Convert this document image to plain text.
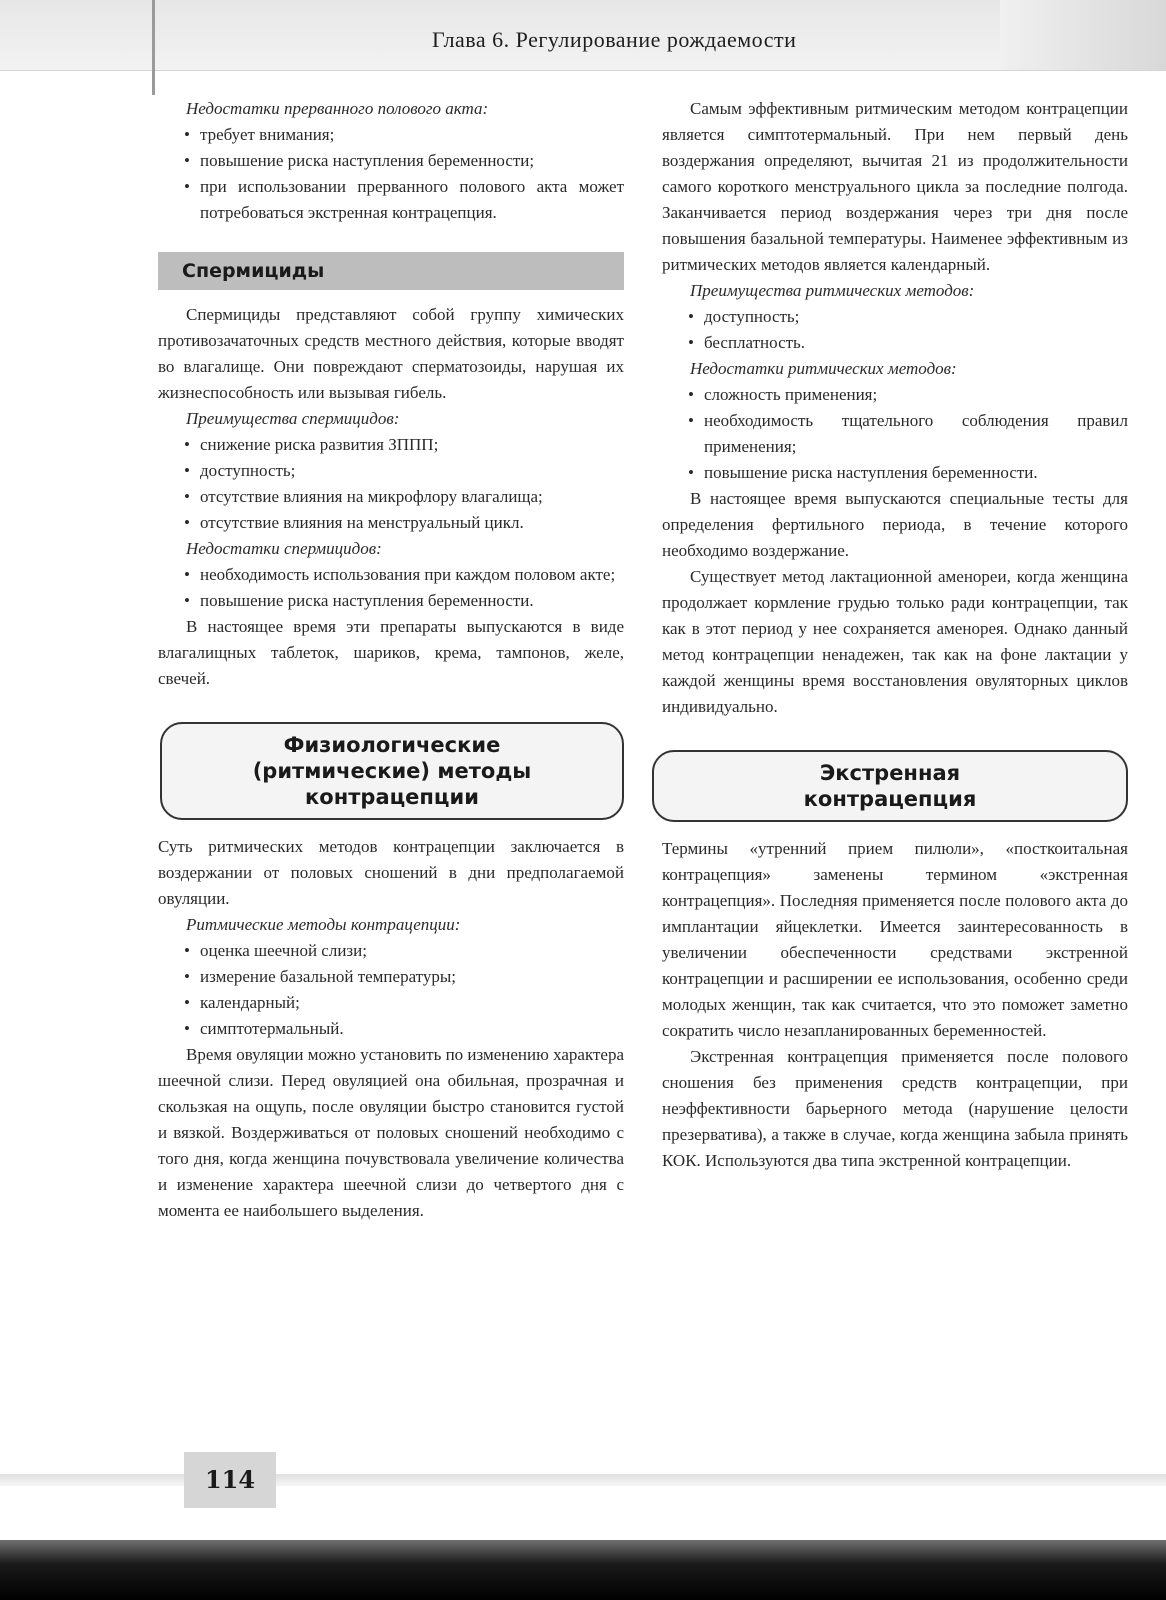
Глава 6. Регулирование рождаемости
Недостатки прерванного полового акта:
• требует внимания;
• повышение риска наступления беременности;
• при использовании прерванного полового акта может потребоваться экстренная контрацепция.
Спермициды

Спермициды представляют собой группу химических противозачаточных средств местного действия, которые вводят во влагалище. Они повреждают сперматозоиды, нарушая их жизнеспособность или вызывая гибель.

Преимущества спермицидов:
• снижение риска развития ЗППП;
• доступность;
• отсутствие влияния на микрофлору влагалища;
• отсутствие влияния на менструальный цикл.
Недостатки спермицидов:
• необходимость использования при каждом половом акте;
• повышение риска наступления беременности.

В настоящее время эти препараты выпускаются в виде влагалищных таблеток, шариков, крема, тампонов, желе, свечей.

Физиологические
(ритмические) методы
контрацепции

Суть ритмических методов контрацепции заключается в воздержании от половых сношений в дни предполагаемой овуляции.

Ритмические методы контрацепции:
• оценка шеечной слизи;
• измерение базальной температуры;
• календарный;
• симптотермальный.

Время овуляции можно установить по изменению характера шеечной слизи. Перед овуляцией она обильная, прозрачная и скользкая на ощупь, после овуляции быстро становится густой и вязкой. Воздерживаться от половых сношений необходимо с того дня, когда женщина почувствовала увеличение количества и изменение характера шеечной слизи до четвертого дня с момента ее наибольшего выделения.

Самым эффективным ритмическим методом контрацепции является симптотермальный. При нем первый день воздержания определяют, вычитая 21 из продолжительности самого короткого менструального цикла за последние полгода. Заканчивается период воздержания через три дня после повышения базальной температуры. Наименее эффективным из ритмических методов является календарный.

Преимущества ритмических методов:
• доступность;
• бесплатность.
Недостатки ритмических методов:
• сложность применения;
• необходимость тщательного соблюдения правил применения;
• повышение риска наступления беременности.

В настоящее время выпускаются специальные тесты для определения фертильного периода, в течение которого необходимо воздержание.

Существует метод лактационной аменореи, когда женщина продолжает кормление грудью только ради контрацепции, так как в этот период у нее сохраняется аменорея. Однако данный метод контрацепции ненадежен, так как на фоне лактации у каждой женщины время восстановления овуляторных циклов индивидуально.

Экстренная
контрацепция

Термины «утренний прием пилюли», «посткоитальная контрацепция» заменены термином «экстренная контрацепция». Последняя применяется после полового акта до имплантации яйцеклетки. Имеется заинтересованность в увеличении обеспеченности средствами экстренной контрацепции и расширении ее использования, особенно среди молодых женщин, так как считается, что это поможет заметно сократить число незапланированных беременностей.

Экстренная контрацепция применяется после полового сношения без применения средств контрацепции, при неэффективности барьерного метода (нарушение целости презерватива), а также в случае, когда женщина забыла принять КОК. Используются два типа экстренной контрацепции.

114
